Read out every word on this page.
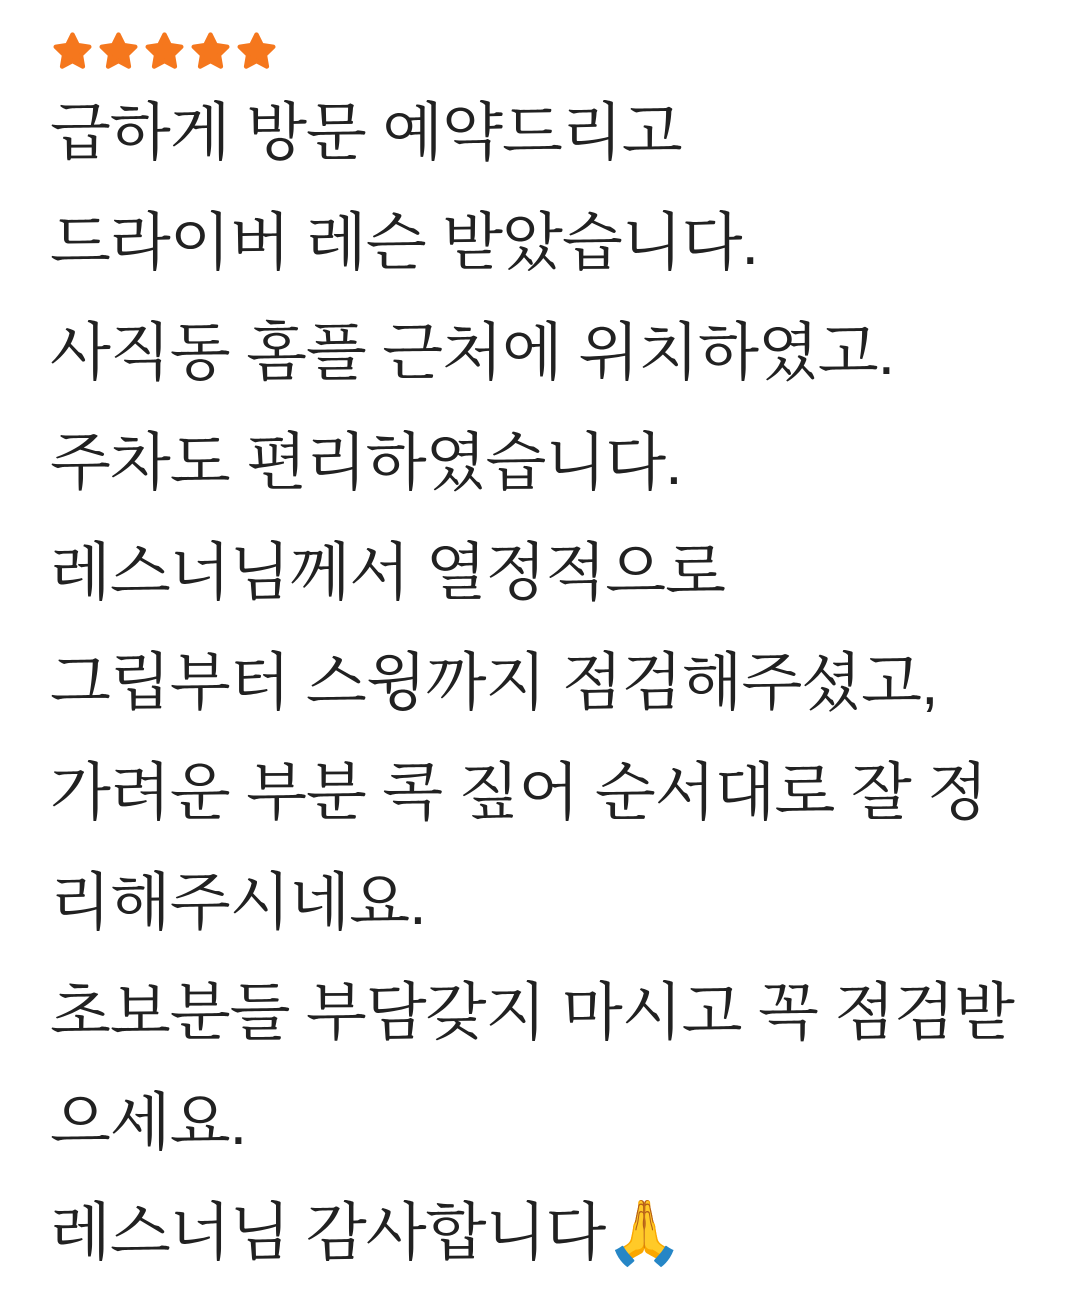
급하게 방문 예약드리고
드라이버 레슨 받았습니다.
사직동 홈플 근처에 위치하였고.
주차도 편리하였습니다.
레스너님께서 열정적으로
그립부터 스윙까지 점검해주셨고,
가려운 부분 콕 짚어 순서대로 잘 정
리해주시네요.
초보분들 부담갖지 마시고 꼭 점검받
으세요.
레스너님 감사합니다🙏
